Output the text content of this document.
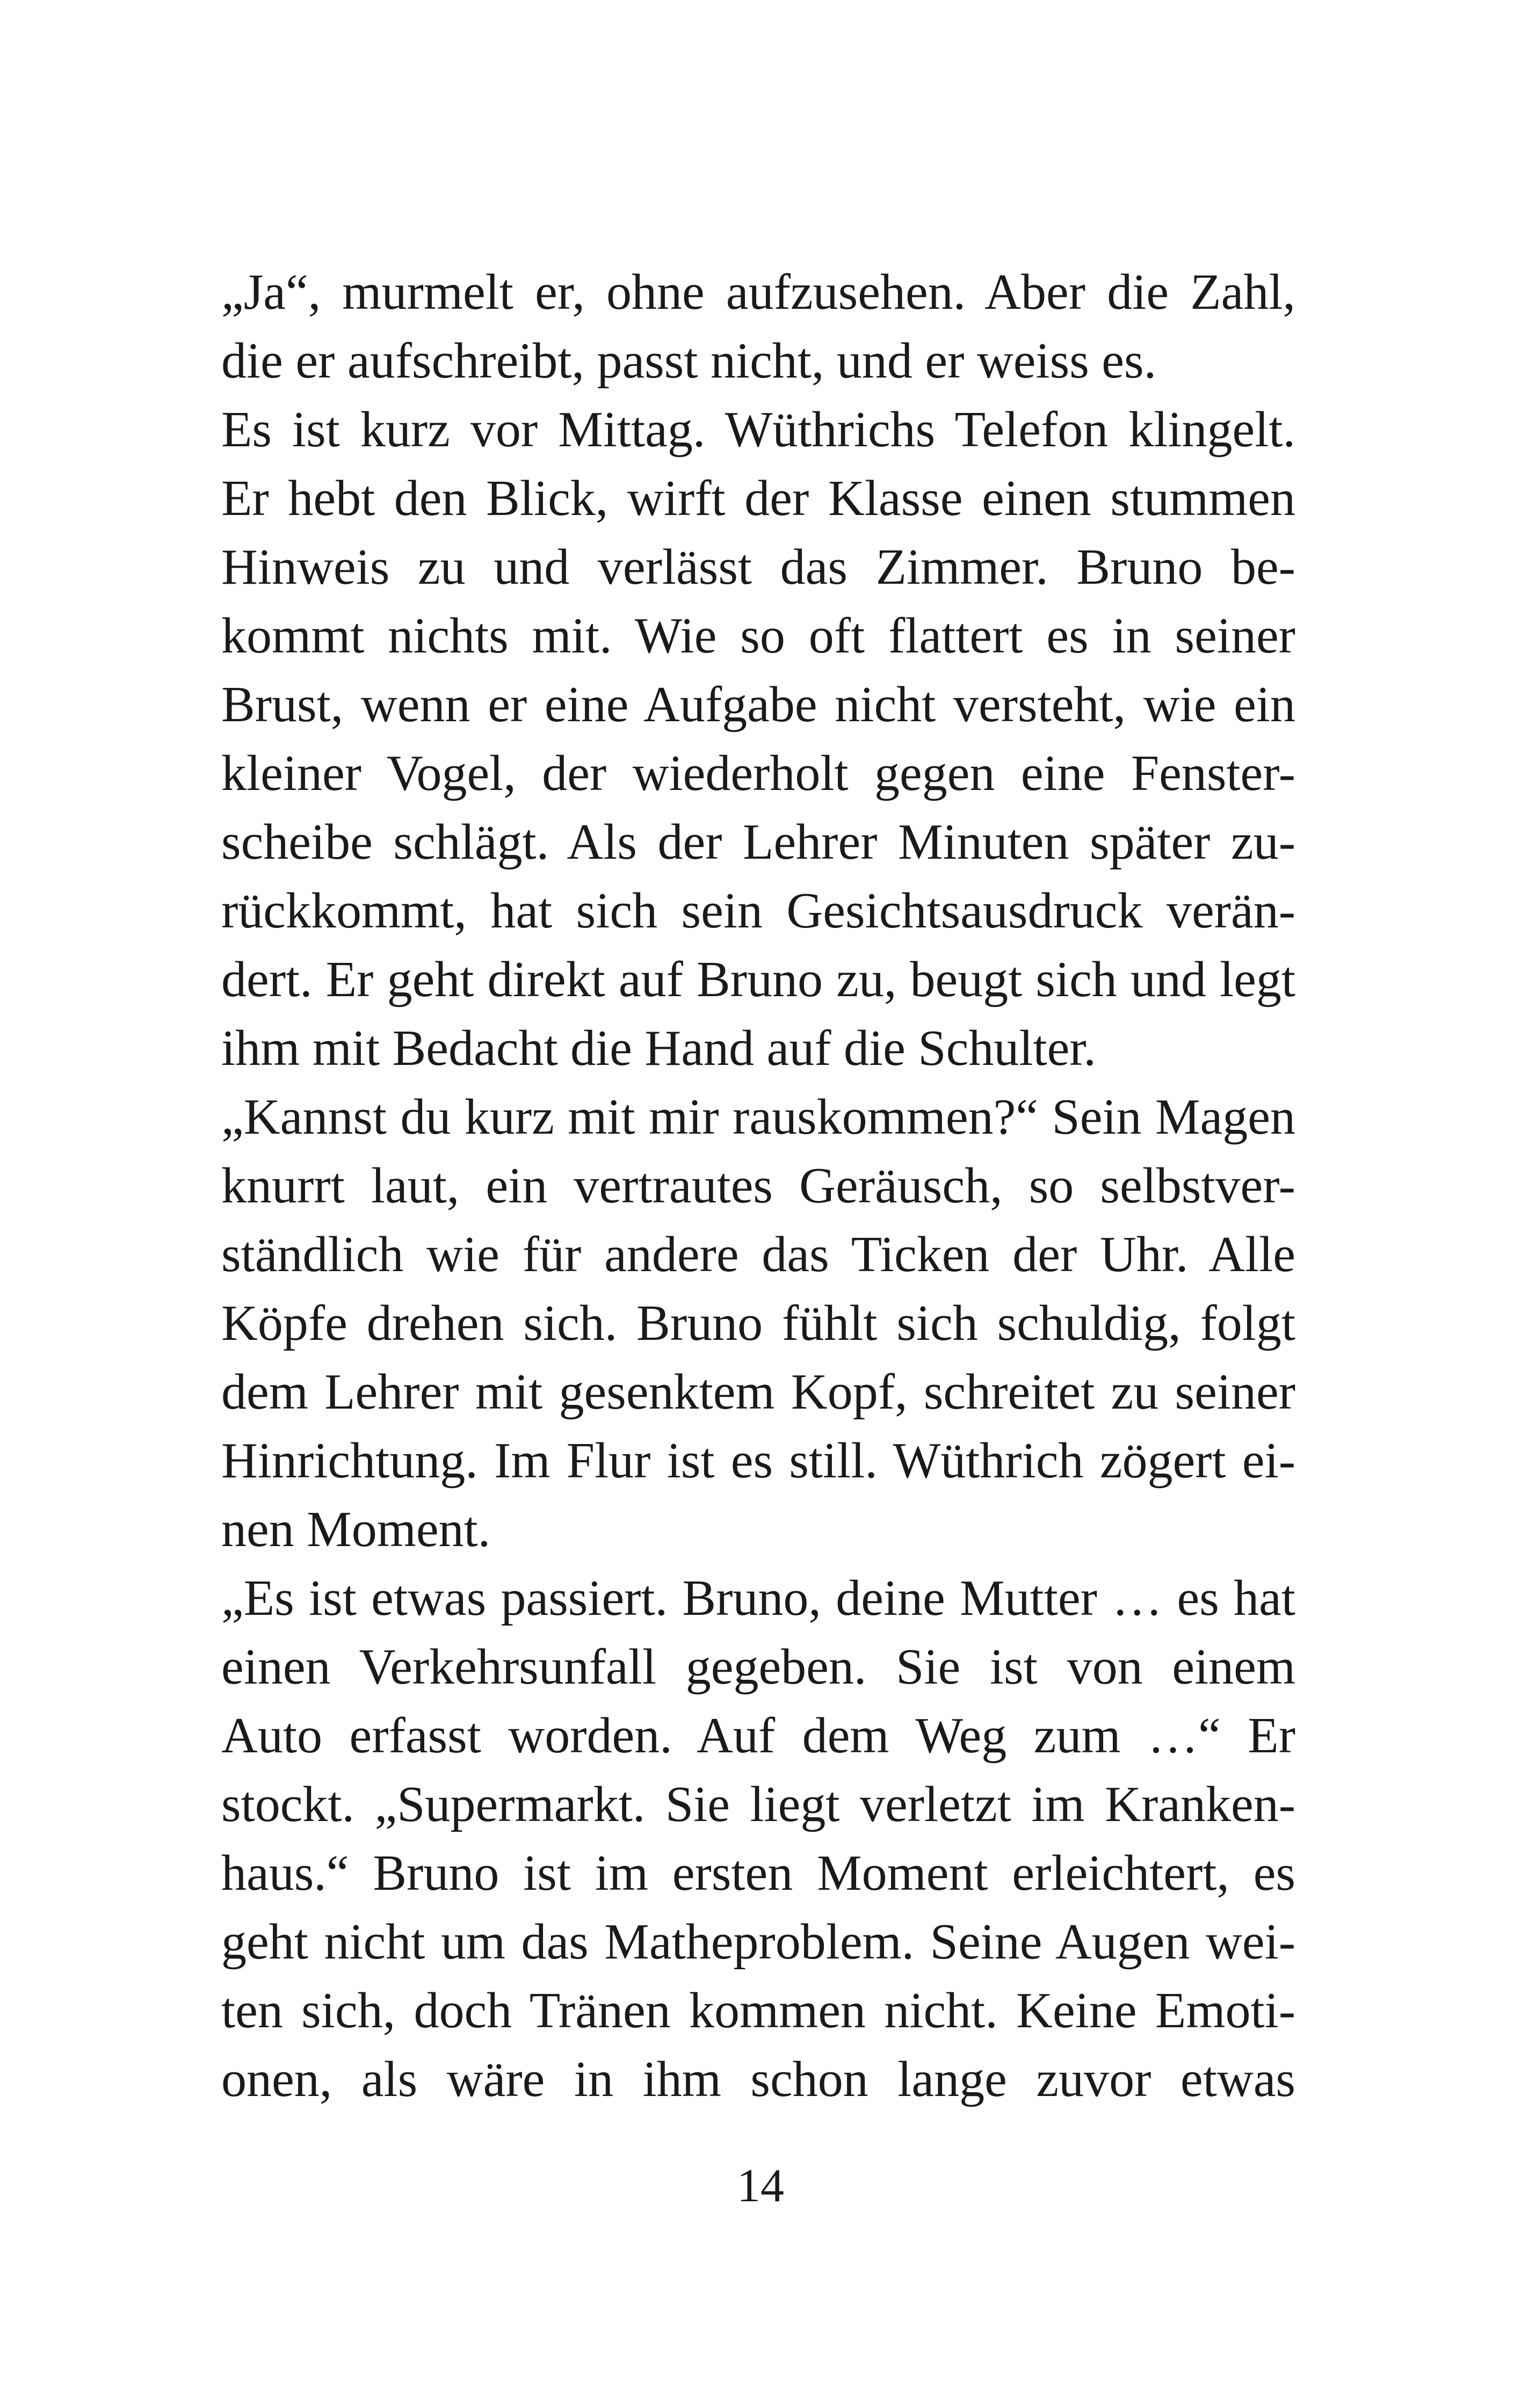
„Ja“, murmelt er, ohne aufzusehen. Aber die Zahl,
die er aufschreibt, passt nicht, und er weiss es.
Es ist kurz vor Mittag. Wüthrichs Telefon klingelt.
Er hebt den Blick, wirft der Klasse einen stummen
Hinweis zu und verlässt das Zimmer. Bruno be-
kommt nichts mit. Wie so oft flattert es in seiner
Brust, wenn er eine Aufgabe nicht versteht, wie ein
kleiner Vogel, der wiederholt gegen eine Fenster-
scheibe schlägt. Als der Lehrer Minuten später zu-
rückkommt, hat sich sein Gesichtsausdruck verän-
dert. Er geht direkt auf Bruno zu, beugt sich und legt
ihm mit Bedacht die Hand auf die Schulter.
„Kannst du kurz mit mir rauskommen?“ Sein Magen
knurrt laut, ein vertrautes Geräusch, so selbstver-
ständlich wie für andere das Ticken der Uhr. Alle
Köpfe drehen sich. Bruno fühlt sich schuldig, folgt
dem Lehrer mit gesenktem Kopf, schreitet zu seiner
Hinrichtung. Im Flur ist es still. Wüthrich zögert ei-
nen Moment.
„Es ist etwas passiert. Bruno, deine Mutter … es hat
einen Verkehrsunfall gegeben. Sie ist von einem
Auto erfasst worden. Auf dem Weg zum …“ Er
stockt. „Supermarkt. Sie liegt verletzt im Kranken-
haus.“ Bruno ist im ersten Moment erleichtert, es
geht nicht um das Matheproblem. Seine Augen wei-
ten sich, doch Tränen kommen nicht. Keine Emoti-
onen, als wäre in ihm schon lange zuvor etwas
14
